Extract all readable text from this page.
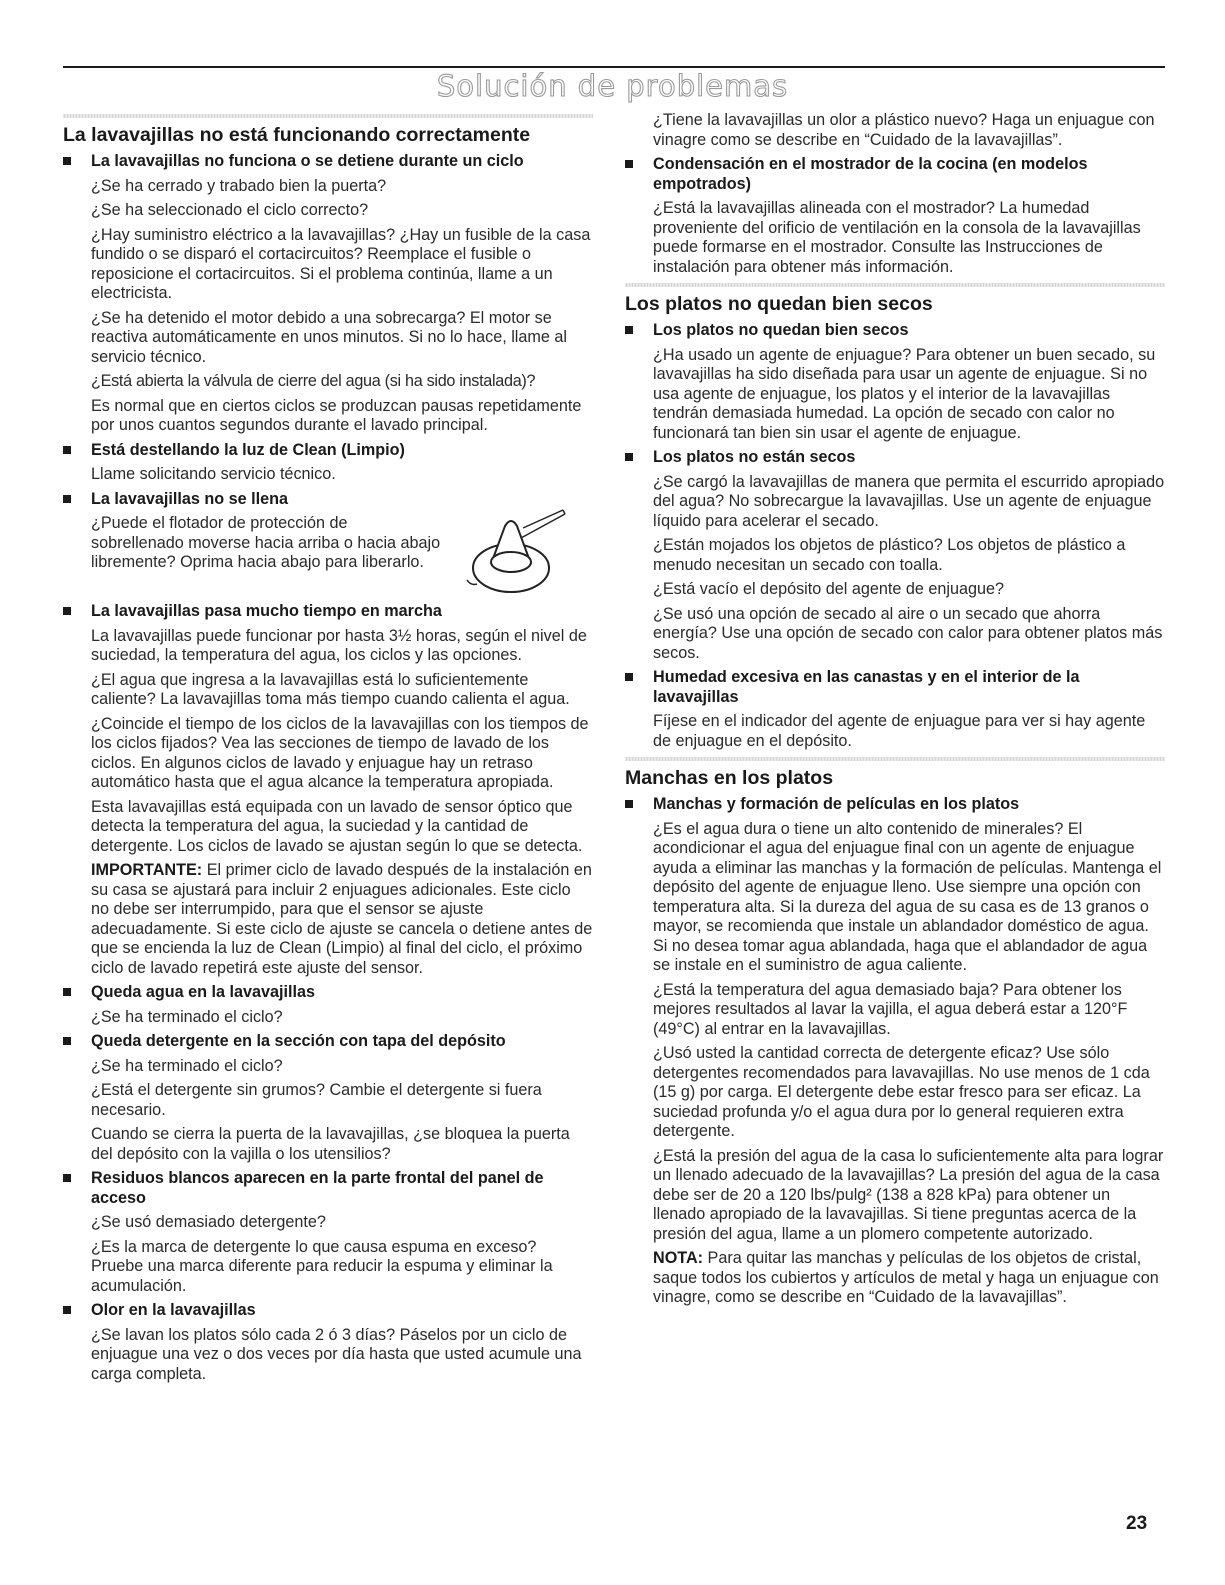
Solución de problemas
La lavavajillas no está funcionando correctamente
La lavavajillas no funciona o se detiene durante un ciclo

¿Se ha cerrado y trabado bien la puerta?

¿Se ha seleccionado el ciclo correcto?

¿Hay suministro eléctrico a la lavavajillas? ¿Hay un fusible de la casa fundido o se disparó el cortacircuitos? Reemplace el fusible o reposicione el cortacircuitos. Si el problema continúa, llame a un electricista.

¿Se ha detenido el motor debido a una sobrecarga? El motor se reactiva automáticamente en unos minutos. Si no lo hace, llame al servicio técnico.

¿Está abierta la válvula de cierre del agua (si ha sido instalada)?

Es normal que en ciertos ciclos se produzcan pausas repetidamente por unos cuantos segundos durante el lavado principal.

Está destellando la luz de Clean (Limpio)

Llame solicitando servicio técnico.

La lavavajillas no se llena

¿Puede el flotador de protección de sobrellenado moverse hacia arriba o hacia abajo libremente? Oprima hacia abajo para liberarlo.

La lavavajillas pasa mucho tiempo en marcha

La lavavajillas puede funcionar por hasta 3½ horas, según el nivel de suciedad, la temperatura del agua, los ciclos y las opciones.

¿El agua que ingresa a la lavavajillas está lo suficientemente caliente? La lavavajillas toma más tiempo cuando calienta el agua.

¿Coincide el tiempo de los ciclos de la lavavajillas con los tiempos de los ciclos fijados? Vea las secciones de tiempo de lavado de los ciclos. En algunos ciclos de lavado y enjuague hay un retraso automático hasta que el agua alcance la temperatura apropiada.

Esta lavavajillas está equipada con un lavado de sensor óptico que detecta la temperatura del agua, la suciedad y la cantidad de detergente. Los ciclos de lavado se ajustan según lo que se detecta.

IMPORTANTE: El primer ciclo de lavado después de la instalación en su casa se ajustará para incluir 2 enjuagues adicionales. Este ciclo no debe ser interrumpido, para que el sensor se ajuste adecuadamente. Si este ciclo de ajuste se cancela o detiene antes de que se encienda la luz de Clean (Limpio) al final del ciclo, el próximo ciclo de lavado repetirá este ajuste del sensor.

Queda agua en la lavavajillas

¿Se ha terminado el ciclo?

Queda detergente en la sección con tapa del depósito

¿Se ha terminado el ciclo?

¿Está el detergente sin grumos? Cambie el detergente si fuera necesario.

Cuando se cierra la puerta de la lavavajillas, ¿se bloquea la puerta del depósito con la vajilla o los utensilios?

Residuos blancos aparecen en la parte frontal del panel de acceso

¿Se usó demasiado detergente?

¿Es la marca de detergente lo que causa espuma en exceso? Pruebe una marca diferente para reducir la espuma y eliminar la acumulación.

Olor en la lavavajillas

¿Se lavan los platos sólo cada 2 ó 3 días? Páselos por un ciclo de enjuague una vez o dos veces por día hasta que usted acumule una carga completa.

¿Tiene la lavavajillas un olor a plástico nuevo? Haga un enjuague con vinagre como se describe en “Cuidado de la lavavajillas”.

Condensación en el mostrador de la cocina (en modelos empotrados)

¿Está la lavavajillas alineada con el mostrador? La humedad proveniente del orificio de ventilación en la consola de la lavavajillas puede formarse en el mostrador. Consulte las Instrucciones de instalación para obtener más información.

Los platos no quedan bien secos
Los platos no quedan bien secos

¿Ha usado un agente de enjuague? Para obtener un buen secado, su lavavajillas ha sido diseñada para usar un agente de enjuague. Si no usa agente de enjuague, los platos y el interior de la lavavajillas tendrán demasiada humedad. La opción de secado con calor no funcionará tan bien sin usar el agente de enjuague.

Los platos no están secos

¿Se cargó la lavavajillas de manera que permita el escurrido apropiado del agua? No sobrecargue la lavavajillas. Use un agente de enjuague líquido para acelerar el secado.

¿Están mojados los objetos de plástico? Los objetos de plástico a menudo necesitan un secado con toalla.

¿Está vacío el depósito del agente de enjuague?

¿Se usó una opción de secado al aire o un secado que ahorra energía? Use una opción de secado con calor para obtener platos más secos.

Humedad excesiva en las canastas y en el interior de la lavavajillas

Fíjese en el indicador del agente de enjuague para ver si hay agente de enjuague en el depósito.

Manchas en los platos
Manchas y formación de películas en los platos

¿Es el agua dura o tiene un alto contenido de minerales? El acondicionar el agua del enjuague final con un agente de enjuague ayuda a eliminar las manchas y la formación de películas. Mantenga el depósito del agente de enjuague lleno. Use siempre una opción con temperatura alta. Si la dureza del agua de su casa es de 13 granos o mayor, se recomienda que instale un ablandador doméstico de agua. Si no desea tomar agua ablandada, haga que el ablandador de agua se instale en el suministro de agua caliente.

¿Está la temperatura del agua demasiado baja? Para obtener los mejores resultados al lavar la vajilla, el agua deberá estar a 120°F (49°C) al entrar en la lavavajillas.

¿Usó usted la cantidad correcta de detergente eficaz? Use sólo detergentes recomendados para lavavajillas. No use menos de 1 cda (15 g) por carga. El detergente debe estar fresco para ser eficaz. La suciedad profunda y/o el agua dura por lo general requieren extra detergente.

¿Está la presión del agua de la casa lo suficientemente alta para lograr un llenado adecuado de la lavavajillas? La presión del agua de la casa debe ser de 20 a 120 lbs/pulg² (138 a 828 kPa) para obtener un llenado apropiado de la lavavajillas. Si tiene preguntas acerca de la presión del agua, llame a un plomero competente autorizado.

NOTA: Para quitar las manchas y películas de los objetos de cristal, saque todos los cubiertos y artículos de metal y haga un enjuague con vinagre, como se describe en “Cuidado de la lavavajillas”.

23
